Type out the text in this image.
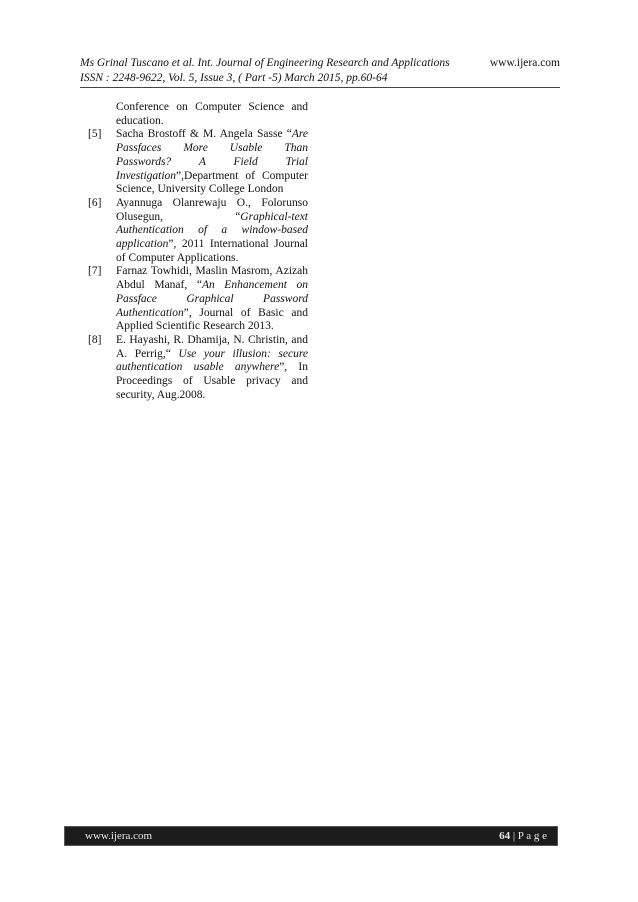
Ms Grinal Tuscano et al. Int. Journal of Engineering Research and Applications	www.ijera.com
ISSN : 2248-9622, Vol. 5, Issue 3, ( Part -5) March 2015, pp.60-64
Conference on Computer Science and education.
[5]	Sacha Brostoff & M. Angela Sasse “Are Passfaces More Usable Than Passwords? A Field Trial Investigation”,Department of Computer Science, University College London
[6]	Ayannuga Olanrewaju O., Folorunso Olusegun, “Graphical-text Authentication of a window-based application”, 2011 International Journal of Computer Applications.
[7]	Farnaz Towhidi, Maslin Masrom, Azizah Abdul Manaf, “An Enhancement on Passface Graphical Password Authentication”, Journal of Basic and Applied Scientific Research 2013.
[8]	E. Hayashi, R. Dhamija, N. Christin, and A. Perrig,“ Use your illusion: secure authentication usable anywhere”, In Proceedings of Usable privacy and security, Aug.2008.
www.ijera.com	64 | P a g e
